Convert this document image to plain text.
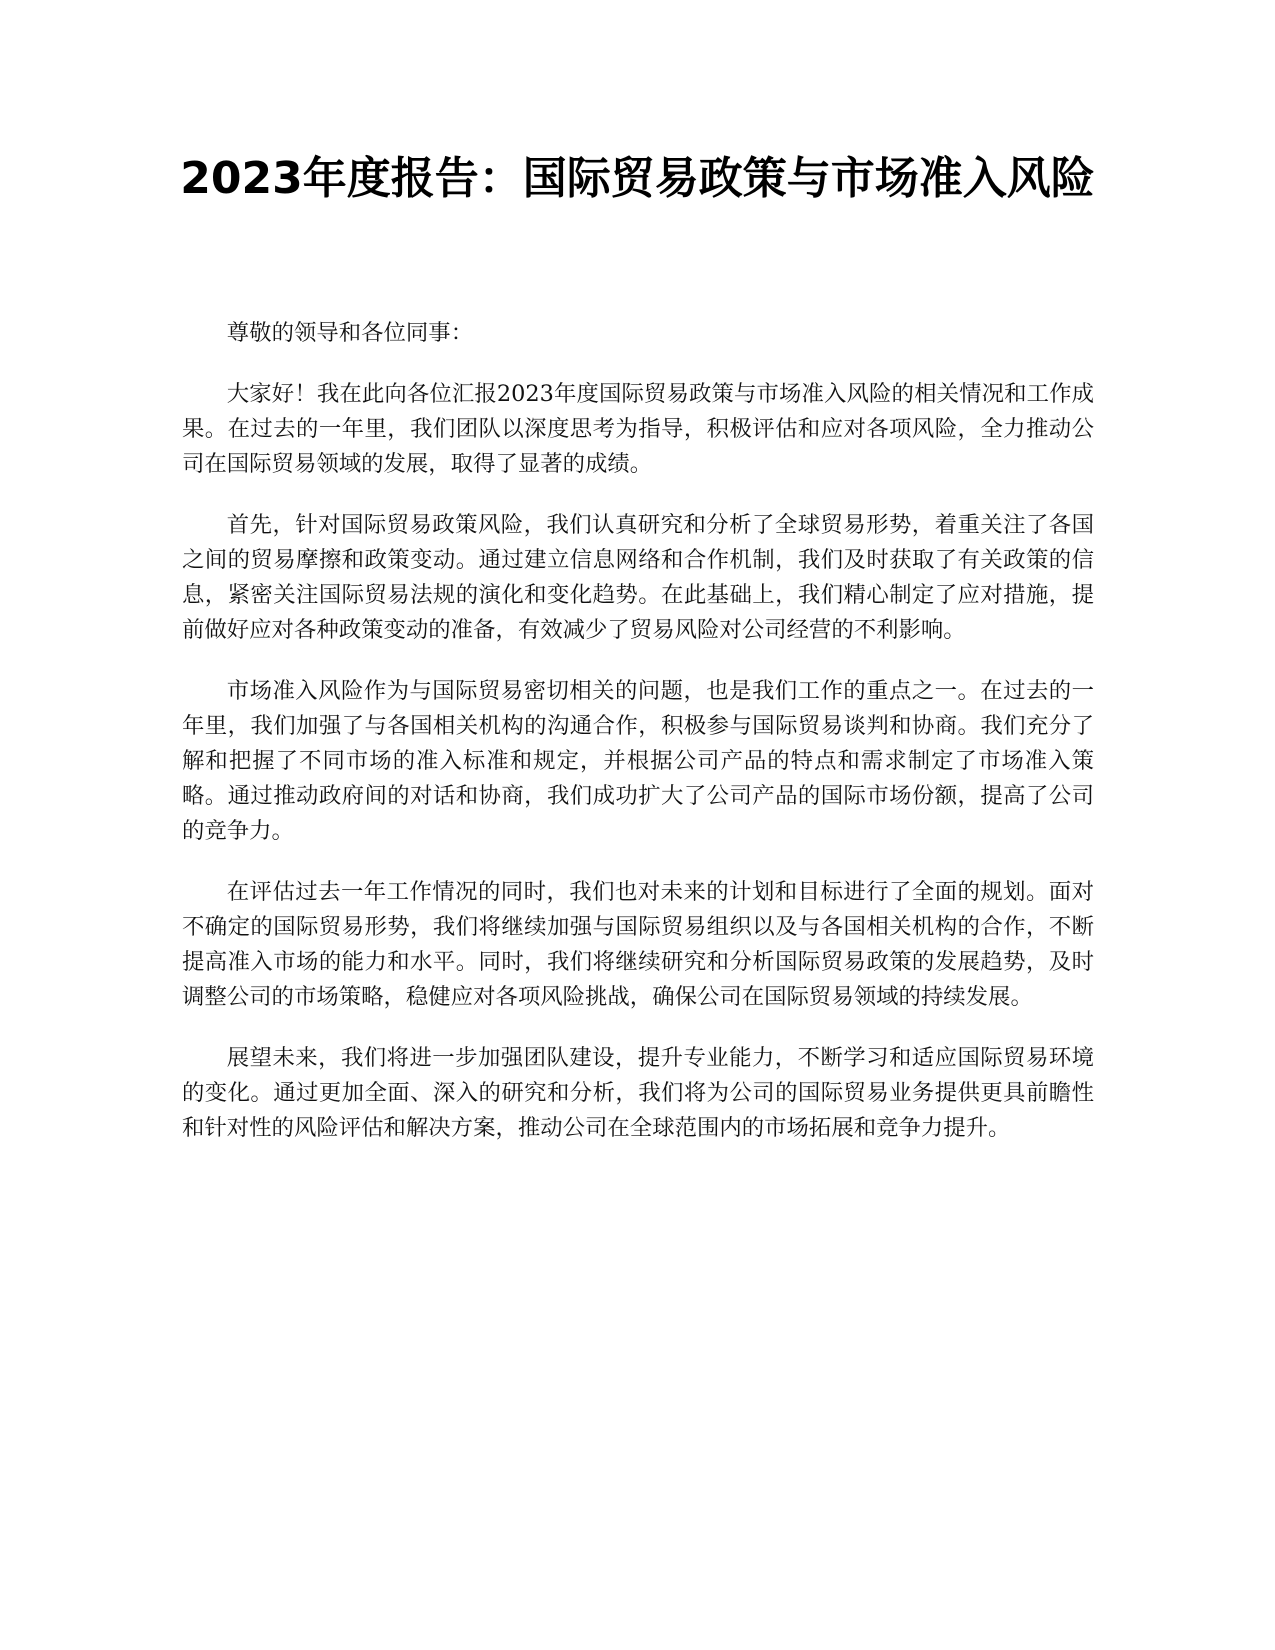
2023年度报告：国际贸易政策与市场准入风险

尊敬的领导和各位同事：

大家好！我在此向各位汇报2023年度国际贸易政策与市场准入风险的相关情况和工作成果。在过去的一年里，我们团队以深度思考为指导，积极评估和应对各项风险，全力推动公司在国际贸易领域的发展，取得了显著的成绩。

首先，针对国际贸易政策风险，我们认真研究和分析了全球贸易形势，着重关注了各国之间的贸易摩擦和政策变动。通过建立信息网络和合作机制，我们及时获取了有关政策的信息，紧密关注国际贸易法规的演化和变化趋势。在此基础上，我们精心制定了应对措施，提前做好应对各种政策变动的准备，有效减少了贸易风险对公司经营的不利影响。

市场准入风险作为与国际贸易密切相关的问题，也是我们工作的重点之一。在过去的一年里，我们加强了与各国相关机构的沟通合作，积极参与国际贸易谈判和协商。我们充分了解和把握了不同市场的准入标准和规定，并根据公司产品的特点和需求制定了市场准入策略。通过推动政府间的对话和协商，我们成功扩大了公司产品的国际市场份额，提高了公司的竞争力。

在评估过去一年工作情况的同时，我们也对未来的计划和目标进行了全面的规划。面对不确定的国际贸易形势，我们将继续加强与国际贸易组织以及与各国相关机构的合作，不断提高准入市场的能力和水平。同时，我们将继续研究和分析国际贸易政策的发展趋势，及时调整公司的市场策略，稳健应对各项风险挑战，确保公司在国际贸易领域的持续发展。

展望未来，我们将进一步加强团队建设，提升专业能力，不断学习和适应国际贸易环境的变化。通过更加全面、深入的研究和分析，我们将为公司的国际贸易业务提供更具前瞻性和针对性的风险评估和解决方案，推动公司在全球范围内的市场拓展和竞争力提升。
